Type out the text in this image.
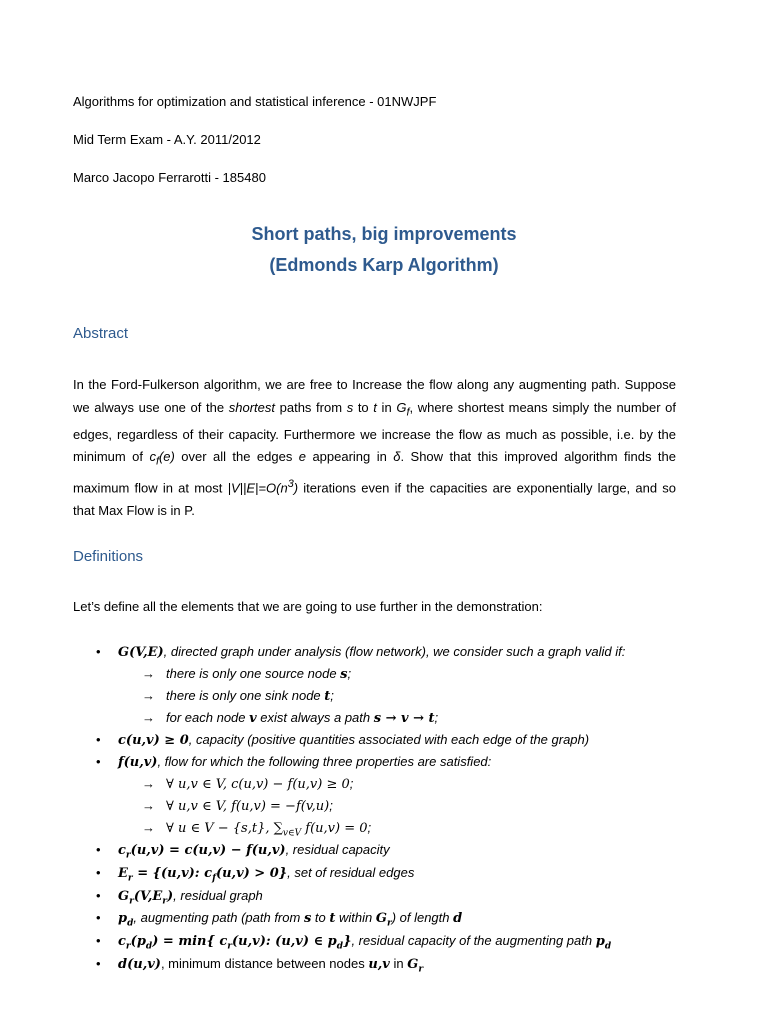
Algorithms for optimization and statistical inference - 01NWJPF
Mid Term Exam - A.Y. 2011/2012
Marco Jacopo Ferrarotti - 185480
Short paths, big improvements
(Edmonds Karp Algorithm)
Abstract
In the Ford-Fulkerson algorithm, we are free to Increase the flow along any augmenting path. Suppose we always use one of the shortest paths from s to t in $G_f$, where shortest means simply the number of edges, regardless of their capacity. Furthermore we increase the flow as much as possible, i.e. by the minimum of $c_f(e)$ over all the edges e appearing in δ. Show that this improved algorithm finds the maximum flow in at most $|V||E|=O(n^3)$ iterations even if the capacities are exponentially large, and so that Max Flow is in P.
Definitions
Let’s define all the elements that we are going to use further in the demonstration:
• G(V,E), directed graph under analysis (flow network), we consider such a graph valid if:
→ there is only one source node s;
→ there is only one sink node t;
→ for each node v exist always a path s → v → t;
• c(u,v) ≥ 0, capacity (positive quantities associated with each edge of the graph)
• f(u,v), flow for which the following three properties are satisfied:
→ ∀ u,v ∈ V, c(u,v) − f(u,v) ≥ 0;
→ ∀ u,v ∈ V, f(u,v) = −f(v,u);
→ ∀ u ∈ V − {s,t}, $\sum_{v\in V}$ f(u,v) = 0;
• $c_r(u,v) = c(u,v) - f(u,v)$, residual capacity
• $E_r = \{(u,v)$: $c_f(u,v) > 0$}, set of residual edges
• $G_r(V,E_r)$, residual graph
• $p_d$, augmenting path (path from s to t within $G_r$) of length d
• $c_r(p_d) = \min${ $c_r(u,v)$: (u,v) ∈ $p_d$}, residual capacity of the augmenting path $p_d$
• d(u,v), minimum distance between nodes u,v in $G_r$
